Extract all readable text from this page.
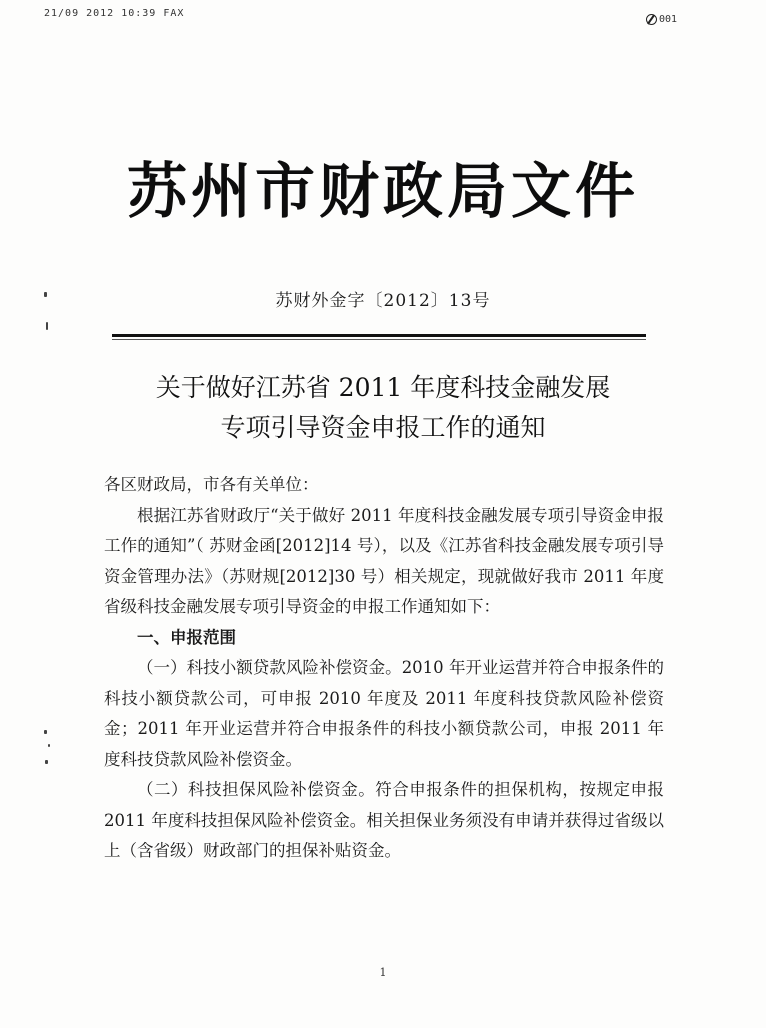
21/09 2012 10:39 FAX
001
苏州市财政局文件
苏财外金字〔2012〕13号
关于做好江苏省 2011 年度科技金融发展
专项引导资金申报工作的通知

各区财政局，市各有关单位：

根据江苏省财政厅“关于做好 2011 年度科技金融发展专项引导资金申报工作的通知”（ 苏财金函[2012]14 号），以及《江苏省科技金融发展专项引导资金管理办法》（苏财规[2012]30 号）相关规定，现就做好我市 2011 年度省级科技金融发展专项引导资金的申报工作通知如下：

一、申报范围

（一）科技小额贷款风险补偿资金。2010 年开业运营并符合申报条件的科技小额贷款公司，可申报 2010 年度及 2011 年度科技贷款风险补偿资金；2011 年开业运营并符合申报条件的科技小额贷款公司，申报 2011 年度科技贷款风险补偿资金。

（二）科技担保风险补偿资金。符合申报条件的担保机构，按规定申报 2011 年度科技担保风险补偿资金。相关担保业务须没有申请并获得过省级以上（含省级）财政部门的担保补贴资金。

1
